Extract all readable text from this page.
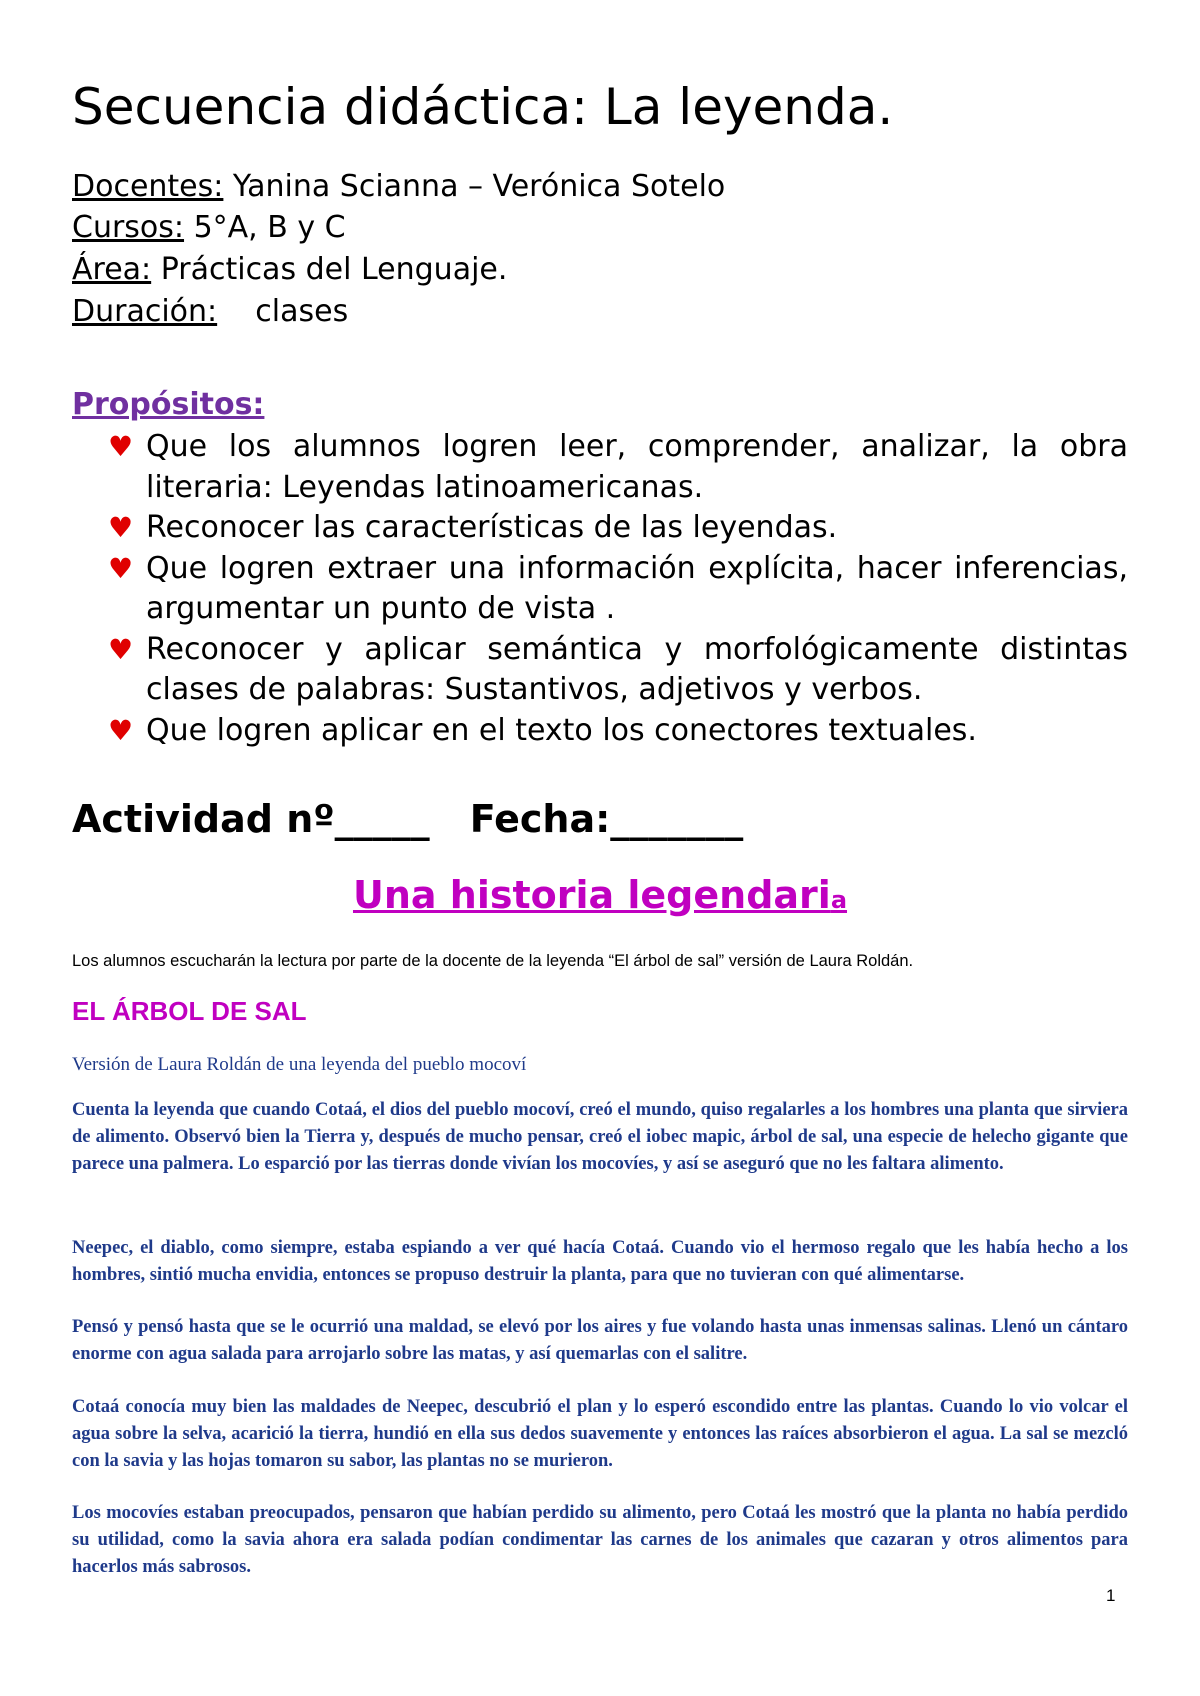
Secuencia didáctica: La leyenda.
Docentes: Yanina Scianna – Verónica Sotelo
Cursos: 5°A, B y C
Área: Prácticas del Lenguaje.
Duración:    clases
Propósitos:
♥ Que los alumnos logren leer, comprender, analizar, la obra literaria: Leyendas latinoamericanas.
♥ Reconocer las características de las leyendas.
♥ Que logren extraer una información explícita, hacer inferencias, argumentar un punto de vista .
♥ Reconocer y aplicar semántica y morfológicamente distintas clases de palabras: Sustantivos, adjetivos y verbos.
♥ Que logren aplicar en el texto los conectores textuales.
Actividad nº_____ Fecha:_______
Una historia legendaria
Los alumnos escucharán la lectura por parte de la docente de la leyenda “El árbol de sal” versión de Laura Roldán.
EL ÁRBOL DE SAL
Versión de Laura Roldán de una leyenda del pueblo mocoví

Cuenta la leyenda que cuando Cotaá, el dios del pueblo mocoví, creó el mundo, quiso regalarles a los hombres una planta que sirviera de alimento. Observó bien la Tierra y, después de mucho pensar, creó el iobec mapic, árbol de sal, una especie de helecho gigante que parece una palmera. Lo esparció por las tierras donde vivían los mocovíes, y así se aseguró que no les faltara alimento.

Neepec, el diablo, como siempre, estaba espiando a ver qué hacía Cotaá. Cuando vio el hermoso regalo que les había hecho a los hombres, sintió mucha envidia, entonces se propuso destruir la planta, para que no tuvieran con qué alimentarse.

Pensó y pensó hasta que se le ocurrió una maldad, se elevó por los aires y fue volando hasta unas inmensas salinas. Llenó un cántaro enorme con agua salada para arrojarlo sobre las matas, y así quemarlas con el salitre.

Cotaá conocía muy bien las maldades de Neepec, descubrió el plan y lo esperó escondido entre las plantas. Cuando lo vio volcar el agua sobre la selva, acarició la tierra, hundió en ella sus dedos suavemente y entonces las raíces absorbieron el agua. La sal se mezcló con la savia y las hojas tomaron su sabor, las plantas no se murieron.

Los mocovíes estaban preocupados, pensaron que habían perdido su alimento, pero Cotaá les mostró que la planta no había perdido su utilidad, como la savia ahora era salada podían condimentar las carnes de los animales que cazaran y otros alimentos para hacerlos más sabrosos.

1
